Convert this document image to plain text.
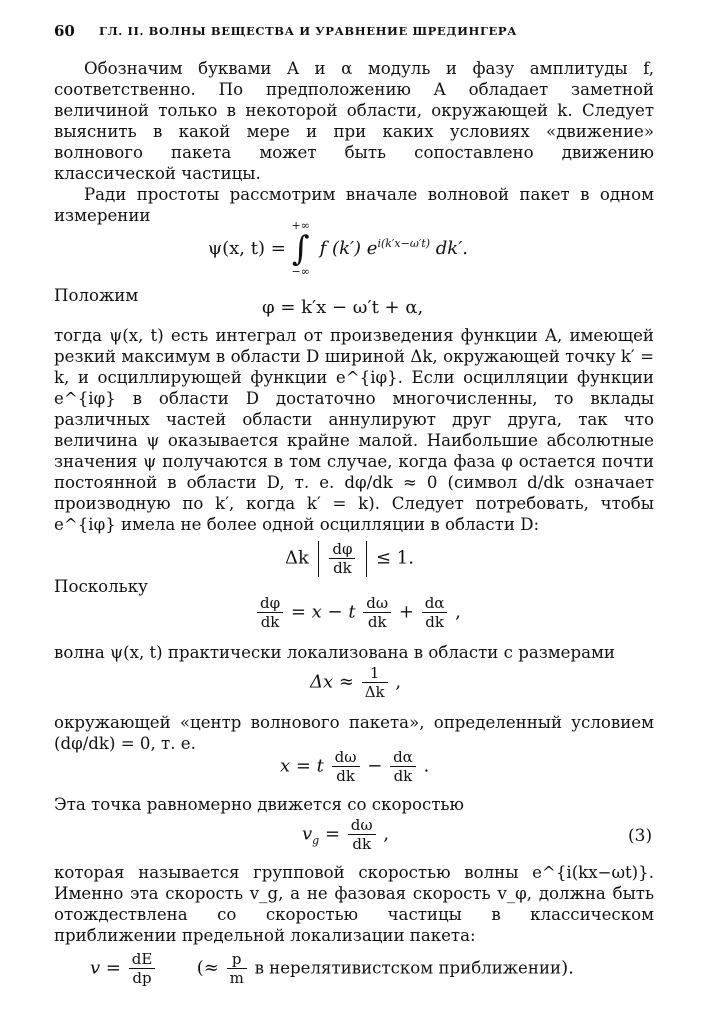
60 ГЛ. II. ВОЛНЫ ВЕЩЕСТВА И УРАВНЕНИЕ ШРЕДИНГЕРА

Обозначим буквами A и α модуль и фазу амплитуды f, соответственно. По предположению A обладает заметной величиной только в некоторой области, окружающей k. Следует выяснить в какой мере и при каких условиях «движение» волнового пакета может быть сопоставлено движению классической частицы.

Ради простоты рассмотрим вначале волновой пакет в одном измерении

ψ(x, t) =
+∞
∫
−∞
f (k′) $e^{i(k'x-\omega't)}$ dk′.

Положим

φ = k′x − ω′t + α,

тогда ψ(x, t) есть интеграл от произведения функции A, имеющей резкий максимум в области D шириной Δk, окружающей точку k′ = k, и осциллирующей функции e^{iφ}. Если осцилляции функции e^{iφ} в области D достаточно многочисленны, то вклады различных частей области аннулируют друг друга, так что величина ψ оказывается крайне малой. Наибольшие абсолютные значения ψ получаются в том случае, когда фаза φ остается почти постоянной в области D, т. е. dφ/dk ≈ 0 (символ d/dk означает производную по k′, когда k′ = k). Следует потребовать, чтобы e^{iφ} имела не более одной осцилляции в области D:

Δk $\frac{d\varphi}{dk} \le 1$.

Поскольку

$\frac{d\varphi}{dk} = x - t \frac{d\omega}{dk} + \frac{d\alpha}{dk}$ ,

волна ψ(x, t) практически локализована в области с размерами

$\Delta x \approx \frac{1}{\Delta k}$ ,

окружающей «центр волнового пакета», определенный условием (dφ/dk) = 0, т. е.

x = t $\frac{d\omega}{dk} - \frac{d\alpha}{dk}$ .

Эта точка равномерно движется со скоростью

$v_g = \frac{d\omega}{dk}$ ,	(3)

которая называется групповой скоростью волны e^{i(kx−ωt)}. Именно эта скорость v_g, а не фазовая скорость v_φ, должна быть отождествлена со скоростью частицы в классическом приближении предельной локализации пакета:

$v = \frac{dE}{dp}$ (≈ $\frac{p}{m}$ в нерелятивистском приближении).
